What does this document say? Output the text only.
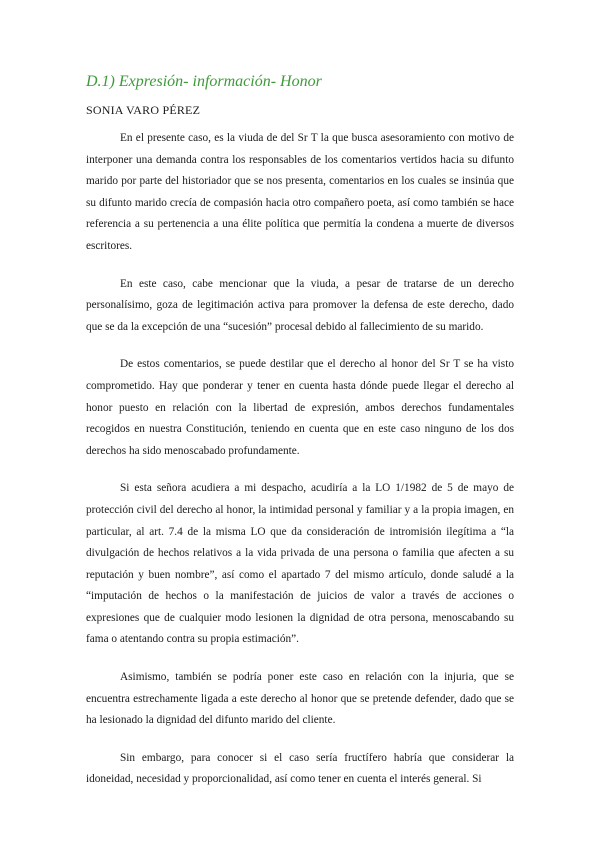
D.1) Expresión- información- Honor
SONIA VARO PÉREZ

En el presente caso, es la viuda de del Sr T la que busca asesoramiento con motivo de interponer una demanda contra los responsables de los comentarios vertidos hacia su difunto marido por parte del historiador que se nos presenta, comentarios en los cuales se insinúa que su difunto marido crecía de compasión hacia otro compañero poeta, así como también se hace referencia a su pertenencia a una élite política que permitía la condena a muerte de diversos escritores.

En este caso, cabe mencionar que la viuda, a pesar de tratarse de un derecho personalísimo, goza de legitimación activa para promover la defensa de este derecho, dado que se da la excepción de una “sucesión” procesal debido al fallecimiento de su marido.

De estos comentarios, se puede destilar que el derecho al honor del Sr T se ha visto comprometido. Hay que ponderar y tener en cuenta hasta dónde puede llegar el derecho al honor puesto en relación con la libertad de expresión, ambos derechos fundamentales recogidos en nuestra Constitución, teniendo en cuenta que en este caso ninguno de los dos derechos ha sido menoscabado profundamente.

Si esta señora acudiera a mi despacho, acudiría a la LO 1/1982 de 5 de mayo de protección civil del derecho al honor, la intimidad personal y familiar y a la propia imagen, en particular, al art. 7.4 de la misma LO que da consideración de intromisión ilegítima a “la divulgación de hechos relativos a la vida privada de una persona o familia que afecten a su reputación y buen nombre”, así como el apartado 7 del mismo artículo, donde saludé a la “imputación de hechos o la manifestación de juicios de valor a través de acciones o expresiones que de cualquier modo lesionen la dignidad de otra persona, menoscabando su fama o atentando contra su propia estimación”.

Asimismo, también se podría poner este caso en relación con la injuria, que se encuentra estrechamente ligada a este derecho al honor que se pretende defender, dado que se ha lesionado la dignidad del difunto marido del cliente.

Sin embargo, para conocer si el caso sería fructífero habría que considerar la idoneidad, necesidad y proporcionalidad, así como tener en cuenta el interés general. Si
